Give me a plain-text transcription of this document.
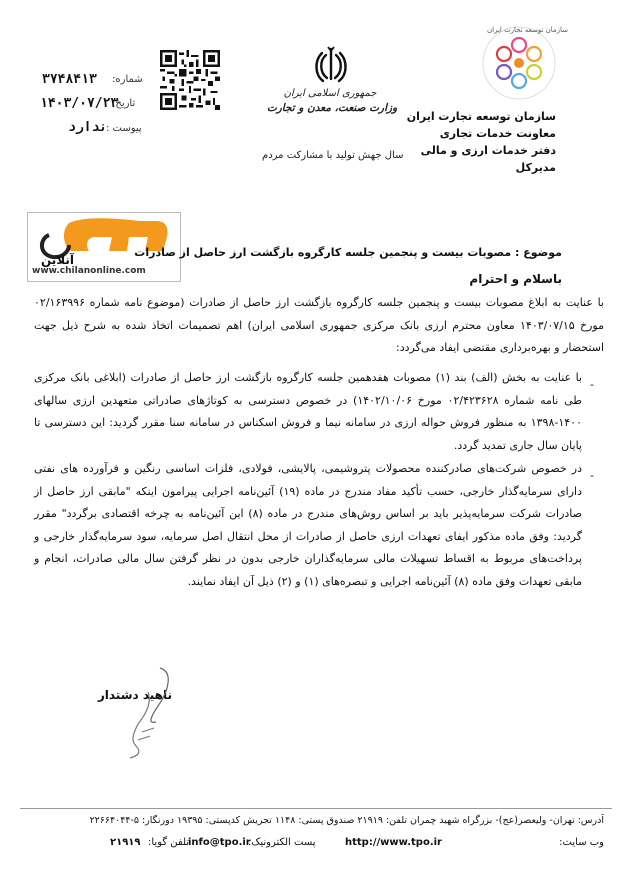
۳۷۴۸۴۱۳ شماره:
۱۴۰۳/۰۷/۲۳
تاریخ:
ندارد
پیوست :
جمهوری اسلامی ایران
وزارت صنعت، معدن و تجارت
سال جهش تولید با مشارکت مردم
سازمان توسعه تجارت ایران
سازمان توسعه تجارت ایران
معاونت خدمات تجاری
دفتر خدمات ارزی و مالی
مدیرکل
آنلاین
www.chilanonline.com
موضوع : مصوبات بیست و پنجمین جلسه کارگروه بازگشت ارز حاصل از صادرات
باسلام و احترام
با عنایت به ابلاغ مصوبات بیست و پنجمین جلسه کارگروه بازگشت ارز حاصل از صادرات (موضوع نامه شماره ۰۲/۱۶۳۹۹۶ مورخ ۱۴۰۳/۰۷/۱۵ معاون محترم ارزی بانک مرکزی جمهوری اسلامی ایران) اهم تصمیمات اتخاذ شده به شرح ذیل جهت استحضار و بهره‌برداری مقتضی ایفاد می‌گردد:
-
با عنایت به بخش (الف) بند (۱) مصوبات هفدهمین جلسه کارگروه بازگشت ارز حاصل از صادرات (ابلاغی بانک مرکزی طی نامه شماره ۰۲/۴۲۳۶۲۸ مورخ ۱۴۰۲/۱۰/۰۶) در خصوص دسترسی به کوتاژهای صادراتی متعهدین ارزی سالهای ۱۴۰۰-۱۳۹۸ به منظور فروش حواله ارزی در سامانه نیما و فروش اسکناس در سامانه سنا مقرر گردید: این دسترسی تا پایان سال جاری تمدید گردد.
-
در خصوص شرکت‌های صادرکننده محصولات پتروشیمی، پالایشی، فولادی، فلزات اساسی رنگین و فرآورده های نفتی دارای سرمایه‌گذار خارجی، حسب تأکید مفاد مندرج در ماده (۱۹) آئین‌نامه اجرایی پیرامون اینکه "مابقی ارز حاصل از صادرات شرکت سرمایه‌پذیر باید بر اساس روش‌های مندرج در ماده (۸) این آئین‌نامه به چرخه اقتصادی برگردد" مقرر گردید: وفق ماده مذکور ایفای تعهدات ارزی حاصل از صادرات از محل انتقال اصل سرمایه، سود سرمایه‌گذار خارجی و پرداخت‌های مربوط به اقساط تسهیلات مالی سرمایه‌گذاران خارجی بدون در نظر گرفتن سال مالی صادرات، انجام و مابقی تعهدات وفق ماده (۸) آئین‌نامه اجرایی و تبصره‌های (۱) و (۲) ذیل آن ایفاد نمایند.
ناهید دشتدار
آدرس: تهران- ولیعصر(عج)- بزرگراه شهید چمران تلفن: ۲۱۹۱۹ صندوق پستی: ۱۱۴۸ تجریش کدپستی: ۱۹۳۹۵ دورنگار: ۵-۲۲۶۶۴۰۴۴
وب سایت:
http://www.tpo.ir
پست الکترونیک:
info@tpo.ir
تلفن گویا:
۲۱۹۱۹
